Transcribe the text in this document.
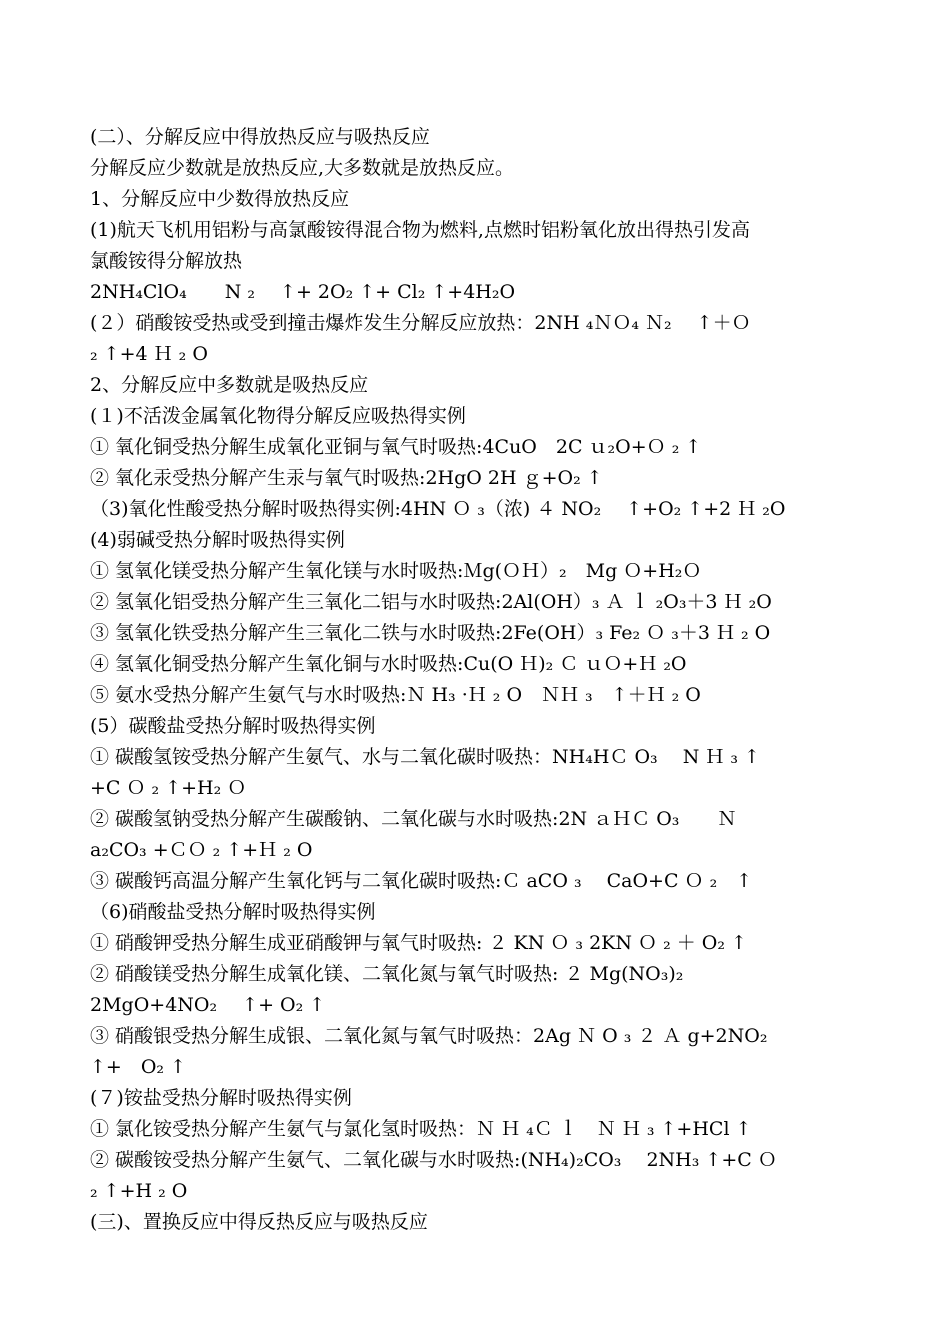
(二）、分解反应中得放热反应与吸热反应
分解反应少数就是放热反应,大多数就是放热反应。
1、分解反应中少数得放热反应
(1)航天飞机用铝粉与高氯酸铵得混合物为燃料,点燃时铝粉氧化放出得热引发高
氯酸铵得分解放热
2NH₄ClO₄　　N ₂　 ↑+ 2O₂ ↑+ Cl₂ ↑+4H₂O
(２）硝酸铵受热或受到撞击爆炸发生分解反应放热：2NH ₄ＮＯ₄ Ｎ₂　 ↑＋Ｏ
₂ ↑+4 Ｈ ₂ O
2、分解反应中多数就是吸热反应
(１)不活泼金属氧化物得分解反应吸热得实例
① 氧化铜受热分解生成氧化亚铜与氧气时吸热:4CuO　2C ｕ₂O+Ｏ ₂ ↑
② 氧化汞受热分解产生汞与氧气时吸热:2HgO 2H ｇ+O₂ ↑
（3)氧化性酸受热分解时吸热得实例:4HN Ｏ ₃（浓) ４ NO₂　 ↑+O₂ ↑+2 Ｈ ₂O
(4)弱碱受热分解时吸热得实例
① 氢氧化镁受热分解产生氧化镁与水时吸热:Ｍg(ＯＨ）₂　Mg Ｏ+H₂Ｏ
② 氢氧化铝受热分解产生三氧化二铝与水时吸热:2Al(OH）₃ Ａ ｌ ₂O₃＋3 Ｈ ₂O
③ 氢氧化铁受热分解产生三氧化二铁与水时吸热:2Fe(OH）₃ Fe₂ Ｏ ₃＋3 Ｈ ₂ O
④ 氢氧化铜受热分解产生氧化铜与水时吸热:Cu(O Ｈ)₂ Ｃ ｕＯ+Ｈ ₂O
⑤ 氨水受热分解产生氨气与水时吸热:Ｎ H₃ ·Ｈ ₂ O　ＮＨ ₃　↑＋Ｈ ₂ O
(5）碳酸盐受热分解时吸热得实例
① 碳酸氢铵受热分解产生氨气、水与二氧化碳时吸热：NH₄HＣ O₃　 N Ｈ ₃ ↑
+C Ｏ ₂ ↑+H₂ Ｏ
② 碳酸氢钠受热分解产生碳酸钠、二氧化碳与水时吸热:2N ａＨＣ O₃　　Ｎ
a₂CO₃ +ＣＯ ₂ ↑+Ｈ ₂ O
③ 碳酸钙高温分解产生氧化钙与二氧化碳时吸热:Ｃ aCO ₃　 CaO+C Ｏ ₂　↑
（6)硝酸盐受热分解时吸热得实例
① 硝酸钾受热分解生成亚硝酸钾与氧气时吸热: ２ KN Ｏ ₃ 2KN Ｏ ₂ ＋ O₂ ↑
② 硝酸镁受热分解生成氧化镁、二氧化氮与氧气时吸热: ２ Mg(NO₃)₂
2MgO+4NO₂　 ↑+ O₂ ↑
③ 硝酸银受热分解生成银、二氧化氮与氧气时吸热：2Ag Ｎ O ₃ ２ Ａ g+2NO₂
↑+　O₂ ↑
(７)铵盐受热分解时吸热得实例
① 氯化铵受热分解产生氨气与氯化氢时吸热：Ｎ Ｈ ₄Ｃ ｌ　Ｎ Ｈ ₃ ↑+HCl ↑
② 碳酸铵受热分解产生氨气、二氧化碳与水时吸热:(NH₄)₂CO₃　 2NH₃ ↑+C Ｏ
₂ ↑+H ₂ O
(三)、置换反应中得反热反应与吸热反应
